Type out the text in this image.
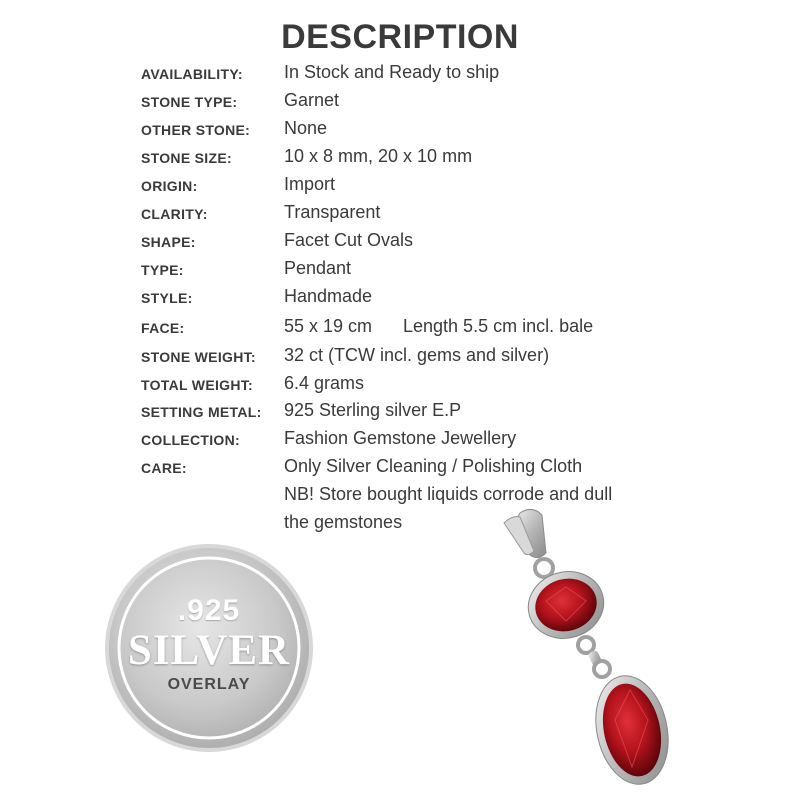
DESCRIPTION
AVAILABILITY: In Stock and Ready to ship
STONE TYPE:	Garnet
OTHER STONE: None
STONE SIZE:	10 x 8 mm, 20 x 10 mm
ORIGIN:	Import
CLARITY:	Transparent
SHAPE:	Facet Cut Ovals
TYPE:	Pendant
STYLE:	Handmade
FACE:	55 x 19 cm Length 5.5 cm incl. bale
STONE WEIGHT: 32 ct (TCW incl. gems and silver)
TOTAL WEIGHT: 6.4 grams
SETTING METAL: 925 Sterling silver E.P
COLLECTION: Fashion Gemstone Jewellery
CARE:	Only Silver Cleaning / Polishing Cloth
NB! Store bought liquids corrode and dull
the gemstones
.925
SILVER
OVERLAY
